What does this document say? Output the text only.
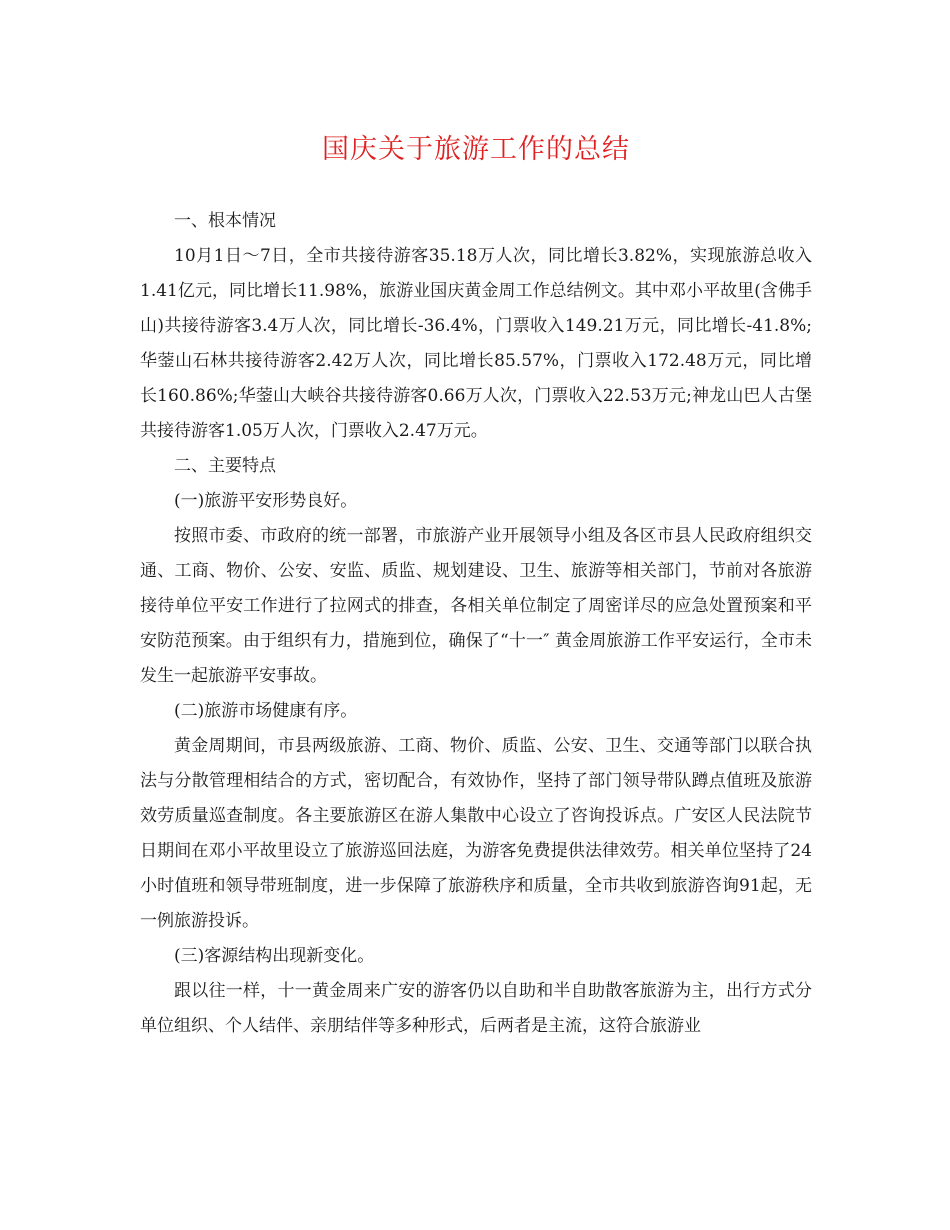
国庆关于旅游工作的总结

一、根本情况

10月1日～7日，全市共接待游客35.18万人次，同比增长3.82%，实现旅游总收入1.41亿元，同比增长11.98%，旅游业国庆黄金周工作总结例文。其中邓小平故里(含佛手山)共接待游客3.4万人次，同比增长-36.4%，门票收入149.21万元，同比增长-41.8%;华蓥山石林共接待游客2.42万人次，同比增长85.57%，门票收入172.48万元，同比增长160.86%;华蓥山大峡谷共接待游客0.66万人次，门票收入22.53万元;神龙山巴人古堡共接待游客1.05万人次，门票收入2.47万元。

二、主要特点

(一)旅游平安形势良好。

按照市委、市政府的统一部署，市旅游产业开展领导小组及各区市县人民政府组织交通、工商、物价、公安、安监、质监、规划建设、卫生、旅游等相关部门，节前对各旅游接待单位平安工作进行了拉网式的排查，各相关单位制定了周密详尽的应急处置预案和平安防范预案。由于组织有力，措施到位，确保了“十一″ 黄金周旅游工作平安运行，全市未发生一起旅游平安事故。

(二)旅游市场健康有序。

黄金周期间，市县两级旅游、工商、物价、质监、公安、卫生、交通等部门以联合执法与分散管理相结合的方式，密切配合，有效协作，坚持了部门领导带队蹲点值班及旅游效劳质量巡查制度。各主要旅游区在游人集散中心设立了咨询投诉点。广安区人民法院节日期间在邓小平故里设立了旅游巡回法庭，为游客免费提供法律效劳。相关单位坚持了24小时值班和领导带班制度，进一步保障了旅游秩序和质量，全市共收到旅游咨询91起，无一例旅游投诉。

(三)客源结构出现新变化。

跟以往一样，十一黄金周来广安的游客仍以自助和半自助散客旅游为主，出行方式分单位组织、个人结伴、亲朋结伴等多种形式，后两者是主流，这符合旅游业
